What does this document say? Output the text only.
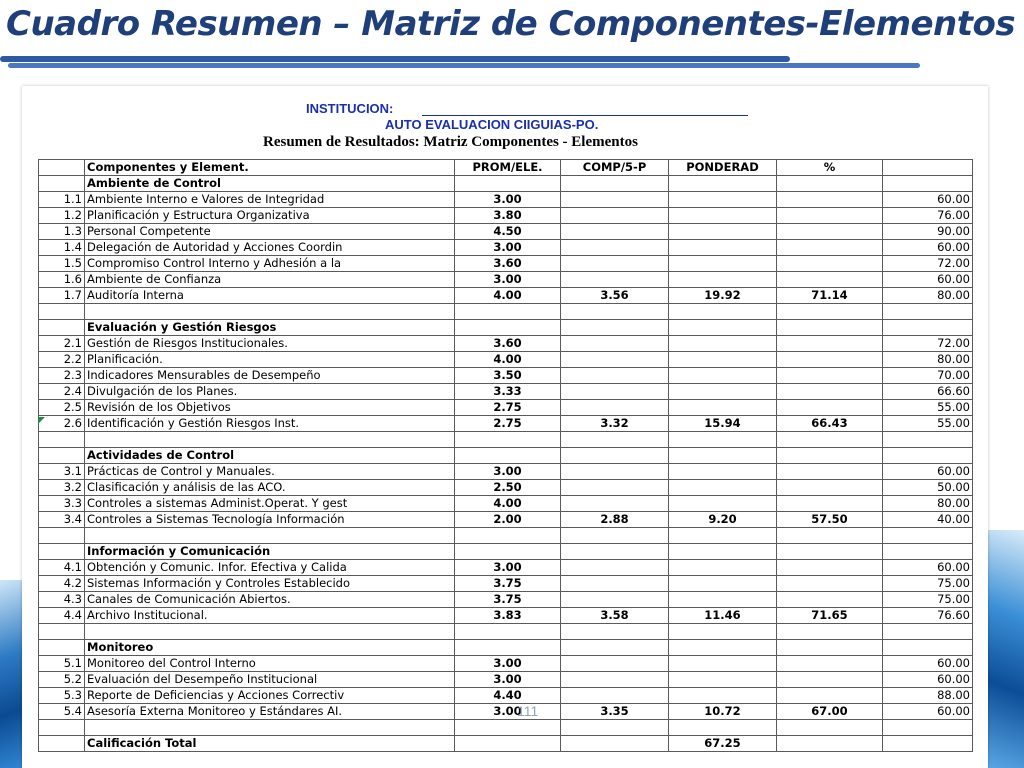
Cuadro Resumen – Matriz de Componentes-Elementos
INSTITUCION:
AUTO EVALUACION CIIGUIAS-PO.
Resumen de Resultados: Matriz Componentes - Elementos
	Componentes y Element.	PROM/ELE.	COMP/5-P	PONDERAD	%	
	Ambiente de Control					
1.1	Ambiente Interno e Valores de Integridad	3.00				60.00
1.2	Planificación y Estructura Organizativa	3.80				76.00
1.3	Personal Competente	4.50				90.00
1.4	Delegación de Autoridad y Acciones Coordin	3.00				60.00
1.5	Compromiso Control Interno y Adhesión a la	3.60				72.00
1.6	Ambiente de Confianza	3.00				60.00
1.7	Auditoría Interna	4.00	3.56	19.92	71.14	80.00

	Evaluación y Gestión Riesgos					
2.1	Gestión de Riesgos Institucionales.	3.60				72.00
2.2	Planificación.	4.00				80.00
2.3	Indicadores Mensurables de Desempeño	3.50				70.00
2.4	Divulgación de los Planes.	3.33				66.60
2.5	Revisión de los Objetivos	2.75				55.00
2.6	Identificación y Gestión Riesgos Inst.	2.75	3.32	15.94	66.43	55.00

	Actividades de Control					
3.1	Prácticas de Control y Manuales.	3.00				60.00
3.2	Clasificación y análisis de las ACO.	2.50				50.00
3.3	Controles a sistemas Administ.Operat. Y gest	4.00				80.00
3.4	Controles a Sistemas Tecnología Información	2.00	2.88	9.20	57.50	40.00

	Información y Comunicación					
4.1	Obtención y Comunic. Infor. Efectiva y Calida	3.00				60.00
4.2	Sistemas Información y Controles Establecido	3.75				75.00
4.3	Canales de Comunicación Abiertos.	3.75				75.00
4.4	Archivo Institucional.	3.83	3.58	11.46	71.65	76.60

	Monitoreo					
5.1	Monitoreo del Control Interno	3.00				60.00
5.2	Evaluación del Desempeño Institucional	3.00				60.00
5.3	Reporte de Deficiencias y Acciones Correctiv	4.40				88.00
5.4	Asesoría Externa Monitoreo y Estándares AI.	3.00	3.35	10.72	67.00	60.00

	Calificación Total			67.25		
111
